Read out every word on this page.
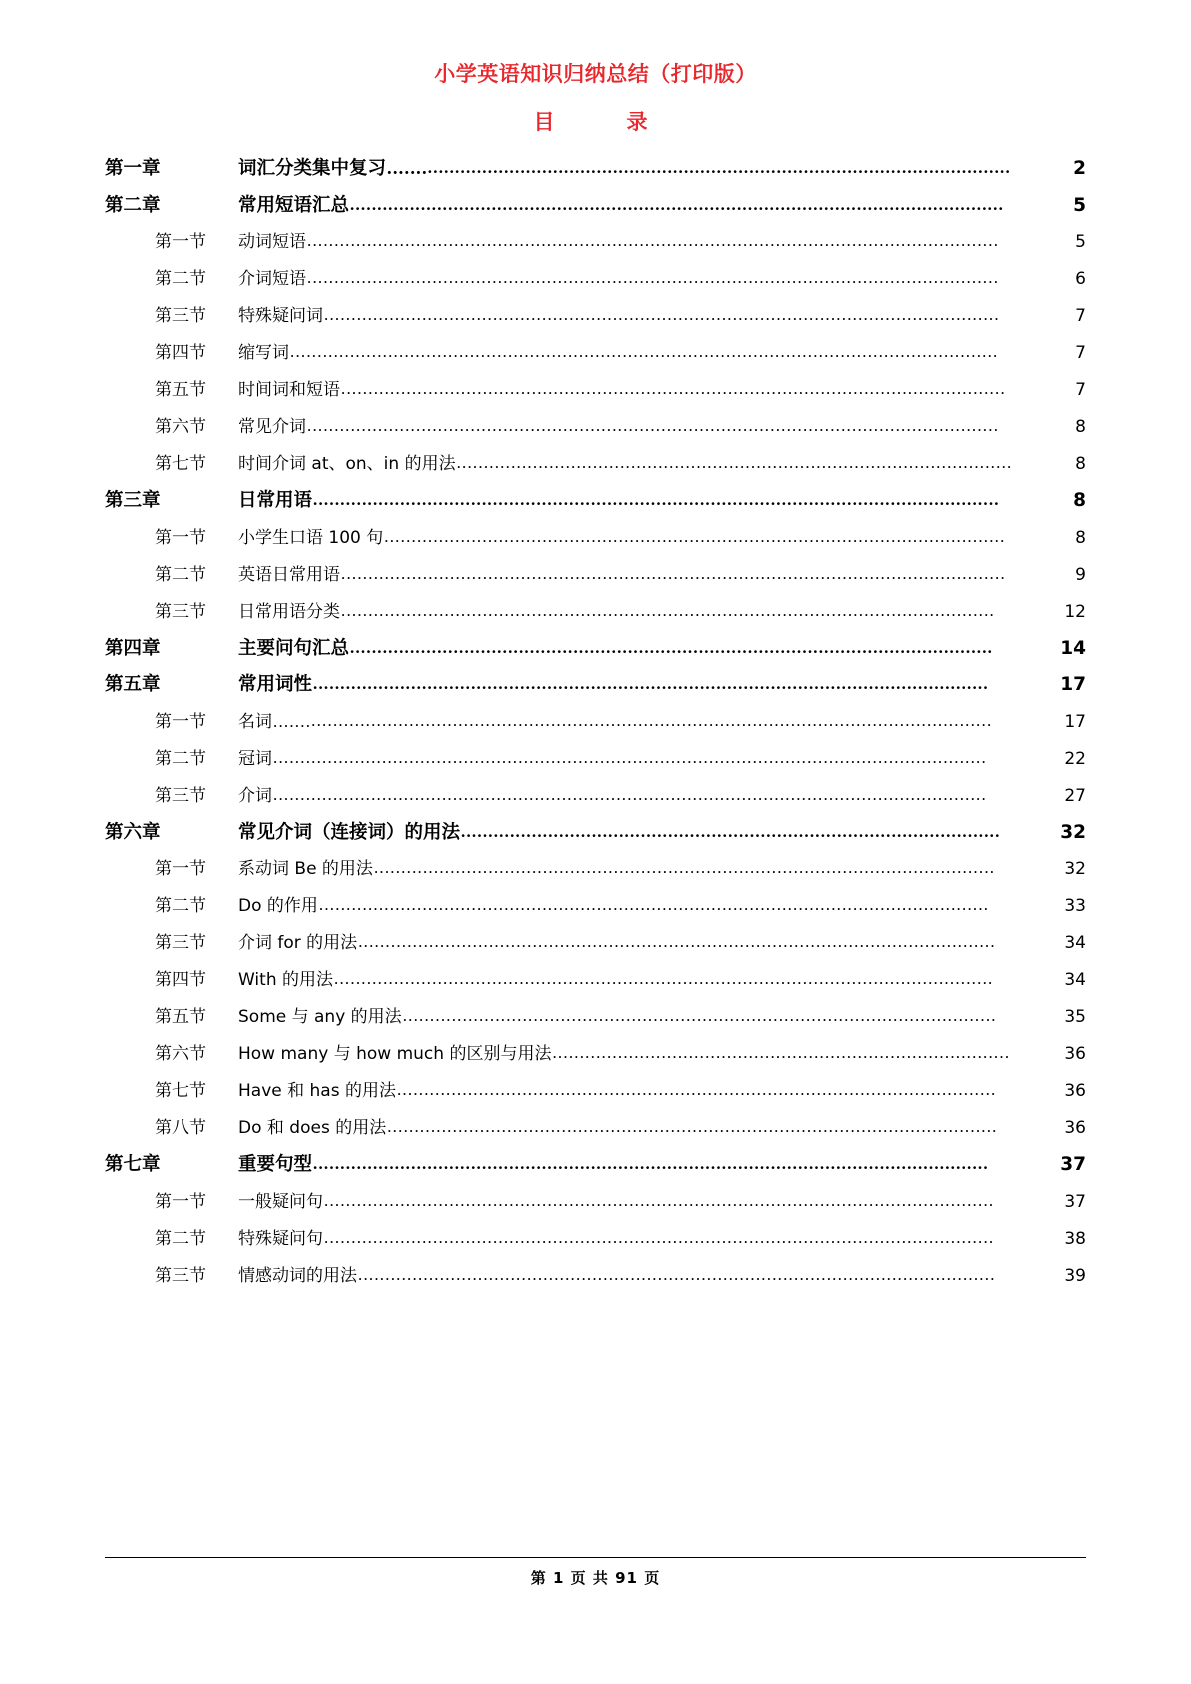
小学英语知识归纳总结（打印版）
目　　录
第一章	词汇分类集中复习 ....... ...........................................................................................................	2
第二章	常用短语汇总 ........................................................................................................................	5
第一节	动词短语 ...............................................................................................................................	5
第二节	介词短语 ...............................................................................................................................	6
第三节	特殊疑问词 ............................................................................................................................	7
第四节	缩写词 ..................................................................................................................................	7
第五节	时间词和短语 ..........................................................................................................................	7
第六节	常见介词 ...............................................................................................................................	8
第七节	时间介词 at、on、in 的用法 ......................................................................................................	8
第三章	日常用语 ..............................................................................................................................	8
第一节	小学生口语 100 句 ..................................................................................................................	8
第二节	英语日常用语 ..........................................................................................................................	9
第三节	日常用语分类 ........................................................................................................................	12
第四章	主要问句汇总 ......................................................................................................................	14
第五章	常用词性 ............................................................................................................................	17
第一节	名词 ....... .............................................................................................................................	17
第二节	冠词 ...................................................................................................................................	22
第三节	介词 ...................................................................................................................................	27
第六章	常见介词（连接词）的用法 ...................................................................................................	32
第一节	系动词 Be 的用法 ..................................................................................................................	32
第二节	Do 的作用 ...........................................................................................................................	33
第三节	介词 for 的用法 .....................................................................................................................	34
第四节	With 的用法 .........................................................................................................................	34
第五节	Some 与 any 的用法 .............................................................................................................	35
第六节	How many 与 how much 的区别与用法 ....................................................................................	36
第七节	Have 和 has 的用法 ..............................................................................................................	36
第八节	Do 和 does 的用法 ................................................................................................................	36
第七章	重要句型 ............................................................................................................................	37
第一节	一般疑问句 ...........................................................................................................................	37
第二节	特殊疑问句 ...........................................................................................................................	38
第三节	情感动词的用法 .....................................................................................................................	39
第 1 页 共 91 页
